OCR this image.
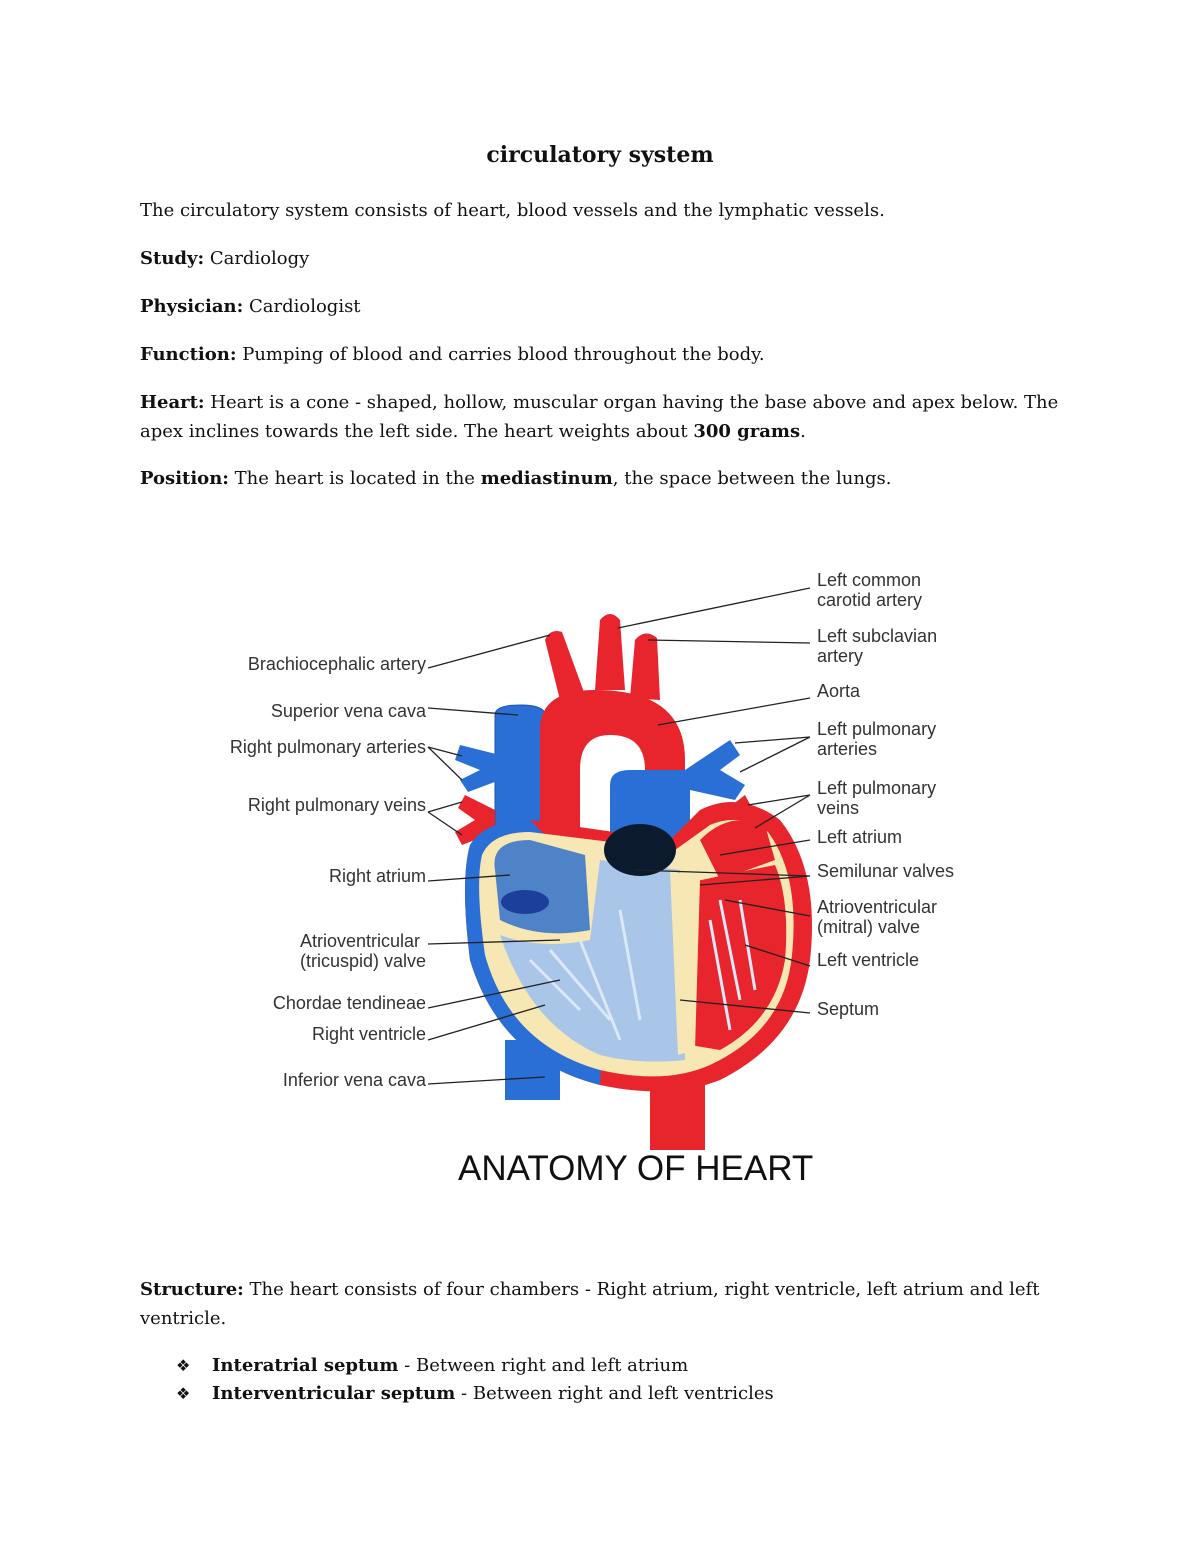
circulatory system
The circulatory system consists of heart, blood vessels and the lymphatic vessels.
Study: Cardiology
Physician: Cardiologist
Function: Pumping of blood and carries blood throughout the body.
Heart: Heart is a cone - shaped, hollow, muscular organ having the base above and apex below. The apex inclines towards the left side. The heart weights about 300 grams.
Position: The heart is located in the mediastinum, the space between the lungs.
Brachiocephalic artery
Superior vena cava
Right pulmonary arteries
Right pulmonary veins
Right atrium
Atrioventricular
(tricuspid) valve
Chordae tendineae
Right ventricle
Inferior vena cava
Left common
carotid artery
Left subclavian
artery
Aorta
Left pulmonary
arteries
Left pulmonary
veins
Left atrium
Semilunar valves
Atrioventricular
(mitral) valve
Left ventricle
Septum
ANATOMY OF HEART
Structure: The heart consists of four chambers - Right atrium, right ventricle, left atrium and left ventricle.
❖	Interatrial septum - Between right and left atrium
❖	Interventricular septum - Between right and left ventricles
